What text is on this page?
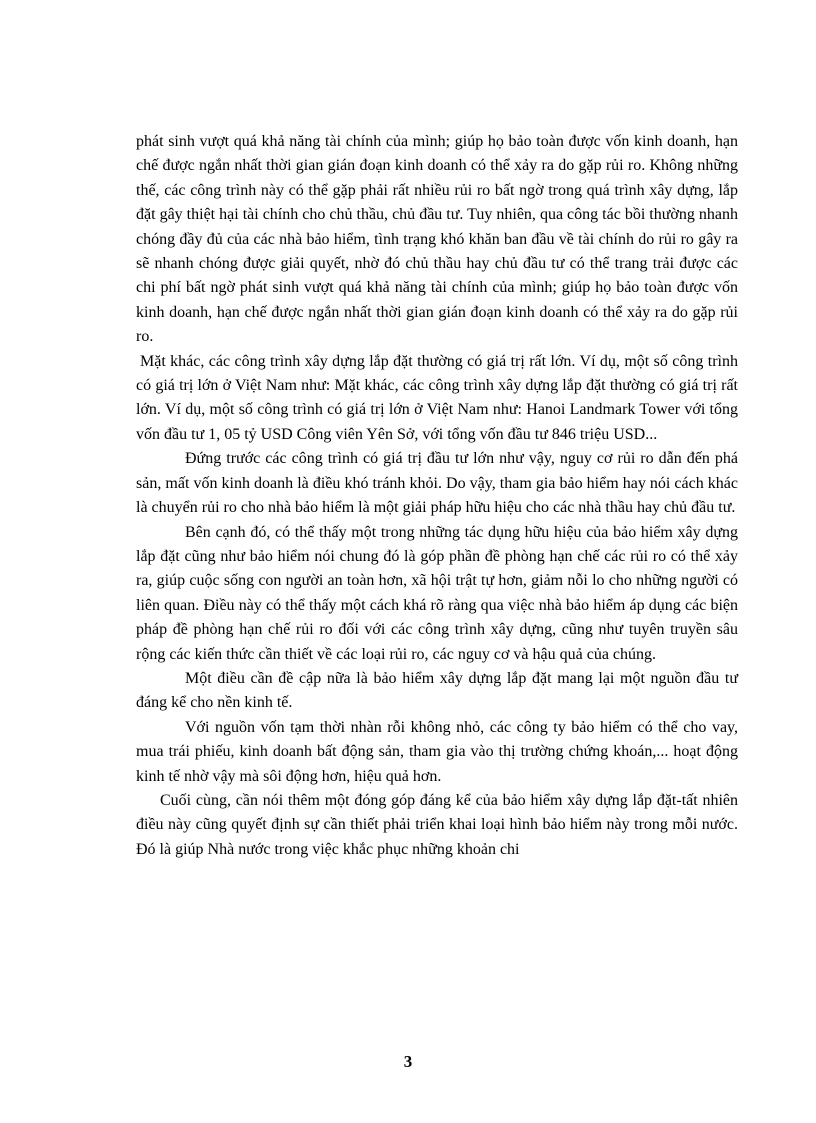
phát sinh vượt quá khả năng tài chính của mình; giúp họ bảo toàn được vốn kinh doanh, hạn chế được ngắn nhất thời gian gián đoạn kinh doanh có thể xảy ra do gặp rủi ro. Không những thế, các công trình này có thể gặp phải rất nhiều rủi ro bất ngờ trong quá trình xây dựng, lắp đặt gây thiệt hại tài chính cho chủ thầu, chủ đầu tư. Tuy nhiên, qua công tác bồi thường nhanh chóng đầy đủ của các nhà bảo hiểm, tình trạng khó khăn ban đầu về tài chính do rủi ro gây ra sẽ nhanh chóng được giải quyết, nhờ đó chủ thầu hay chủ đầu tư có thể trang trải được các chi phí bất ngờ phát sinh vượt quá khả năng tài chính của mình; giúp họ bảo toàn được vốn kinh doanh, hạn chế được ngắn nhất thời gian gián đoạn kinh doanh có thể xảy ra do gặp rủi ro.

Mặt khác, các công trình xây dựng lắp đặt thường có giá trị rất lớn. Ví dụ, một số công trình có giá trị lớn ở Việt Nam như: Mặt khác, các công trình xây dựng lắp đặt thường có giá trị rất lớn. Ví dụ, một số công trình có giá trị lớn ở Việt Nam như: Hanoi Landmark Tower với tổng vốn đầu tư 1, 05 tỷ USD Công viên Yên Sở, với tổng vốn đầu tư 846 triệu USD...

Đứng trước các công trình có giá trị đầu tư lớn như vậy, nguy cơ rủi ro dẫn đến phá sản, mất vốn kinh doanh là điều khó tránh khỏi. Do vậy, tham gia bảo hiểm hay nói cách khác là chuyển rủi ro cho nhà bảo hiểm là một giải pháp hữu hiệu cho các nhà thầu hay chủ đầu tư.

Bên cạnh đó, có thể thấy một trong những tác dụng hữu hiệu của bảo hiểm xây dựng lắp đặt cũng như bảo hiểm nói chung đó là góp phần đề phòng hạn chế các rủi ro có thể xảy ra, giúp cuộc sống con người an toàn hơn, xã hội trật tự hơn, giảm nỗi lo cho những người có liên quan. Điều này có thể thấy một cách khá rõ ràng qua việc nhà bảo hiểm áp dụng các biện pháp đề phòng hạn chế rủi ro đối với các công trình xây dựng, cũng như tuyên truyền sâu rộng các kiến thức cần thiết về các loại rủi ro, các nguy cơ và hậu quả của chúng.

Một điều cần đề cập nữa là bảo hiểm xây dựng lắp đặt mang lại một nguồn đầu tư đáng kể cho nền kinh tế.

Với nguồn vốn tạm thời nhàn rỗi không nhỏ, các công ty bảo hiểm có thể cho vay, mua trái phiếu, kinh doanh bất động sản, tham gia vào thị trường chứng khoán,... hoạt động kinh tế nhờ vậy mà sôi động hơn, hiệu quả hơn.

Cuối cùng, cần nói thêm một đóng góp đáng kể của bảo hiểm xây dựng lắp đặt-tất nhiên điều này cũng quyết định sự cần thiết phải triển khai loại hình bảo hiểm này trong mỗi nước. Đó là giúp Nhà nước trong việc khắc phục những khoản chi

3
